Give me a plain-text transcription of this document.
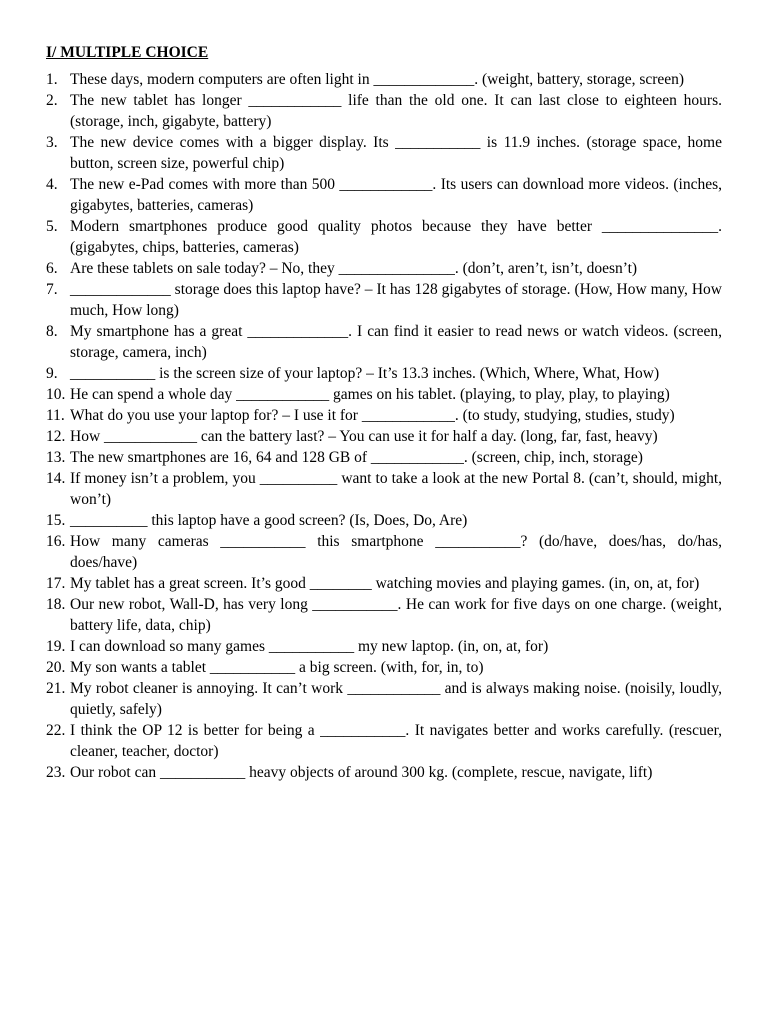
I/ MULTIPLE CHOICE
1. These days, modern computers are often light in _____________. (weight, battery, storage, screen)
2. The new tablet has longer ____________ life than the old one. It can last close to eighteen hours. (storage, inch, gigabyte, battery)
3. The new device comes with a bigger display. Its ___________ is 11.9 inches. (storage space, home button, screen size, powerful chip)
4. The new e-Pad comes with more than 500 ____________. Its users can download more videos. (inches, gigabytes, batteries, cameras)
5. Modern smartphones produce good quality photos because they have better _______________. (gigabytes, chips, batteries, cameras)
6. Are these tablets on sale today? – No, they _______________. (don’t, aren’t, isn’t, doesn’t)
7. _____________ storage does this laptop have? – It has 128 gigabytes of storage. (How, How many, How much, How long)
8. My smartphone has a great _____________. I can find it easier to read news or watch videos. (screen, storage, camera, inch)
9. ___________ is the screen size of your laptop? – It’s 13.3 inches. (Which, Where, What, How)
10. He can spend a whole day ____________ games on his tablet. (playing, to play, play, to playing)
11. What do you use your laptop for? – I use it for ____________. (to study, studying, studies, study)
12. How ____________ can the battery last? – You can use it for half a day. (long, far, fast, heavy)
13. The new smartphones are 16, 64 and 128 GB of ____________. (screen, chip, inch, storage)
14. If money isn’t a problem, you __________ want to take a look at the new Portal 8. (can’t, should, might, won’t)
15. __________ this laptop have a good screen? (Is, Does, Do, Are)
16. How many cameras ___________ this smartphone ___________? (do/have, does/has, do/has, does/have)
17. My tablet has a great screen. It’s good ________ watching movies and playing games. (in, on, at, for)
18. Our new robot, Wall-D, has very long ___________. He can work for five days on one charge. (weight, battery life, data, chip)
19. I can download so many games ___________ my new laptop. (in, on, at, for)
20. My son wants a tablet ___________ a big screen. (with, for, in, to)
21. My robot cleaner is annoying. It can’t work ____________ and is always making noise. (noisily, loudly, quietly, safely)
22. I think the OP 12 is better for being a ___________. It navigates better and works carefully. (rescuer, cleaner, teacher, doctor)
23. Our robot can ___________ heavy objects of around 300 kg. (complete, rescue, navigate, lift)
